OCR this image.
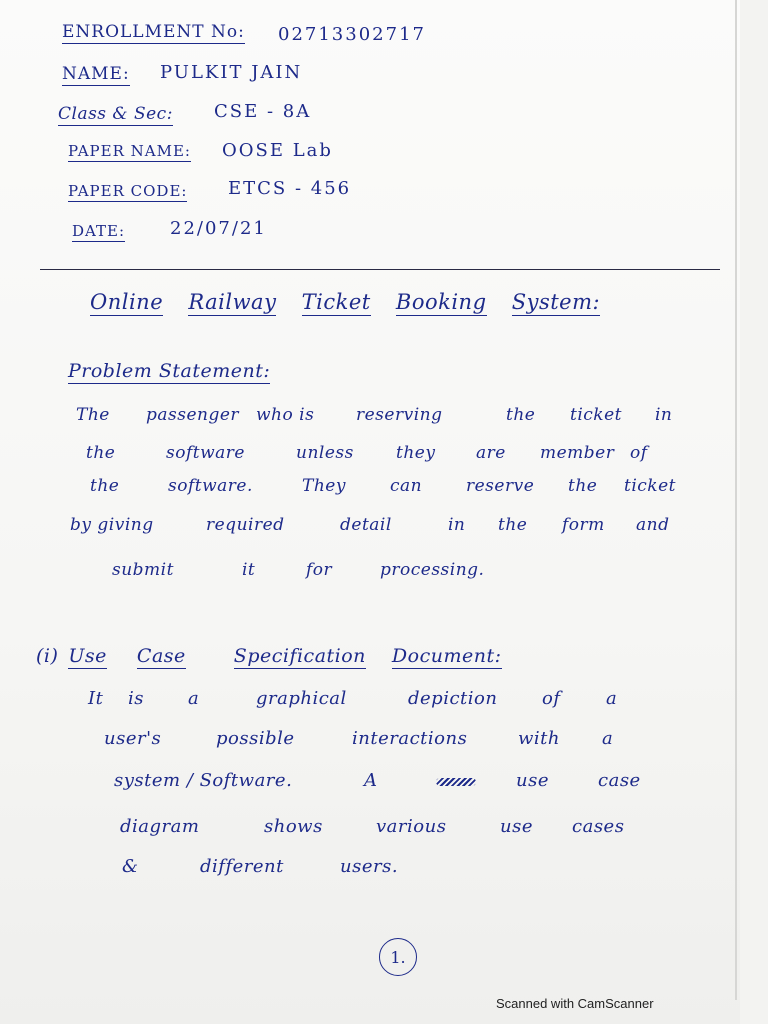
ENROLLMENT No: 02713302717
NAME: PULKIT JAIN
Class & Sec: CSE - 8A
PAPER NAME: OOSE Lab
PAPER CODE: ETCS - 456
DATE: 22/07/21
Online Railway Ticket Booking System:
Problem Statement:
The	passenger who is	reserving	the	ticket	in
the	software	unless	they	are	member of
the	software.	They	can	reserve	the	ticket
by giving	required	detail	in	the	form	and
submit	it	for	processing.
(i) Use Case	Specification Document:
It	is	a	graphical	depiction	of	a
user's	possible	interactions	with	a
system / Software.	A	use	case
diagram	shows	various	use	cases
&	different	users.
1.
Scanned with CamScanner
